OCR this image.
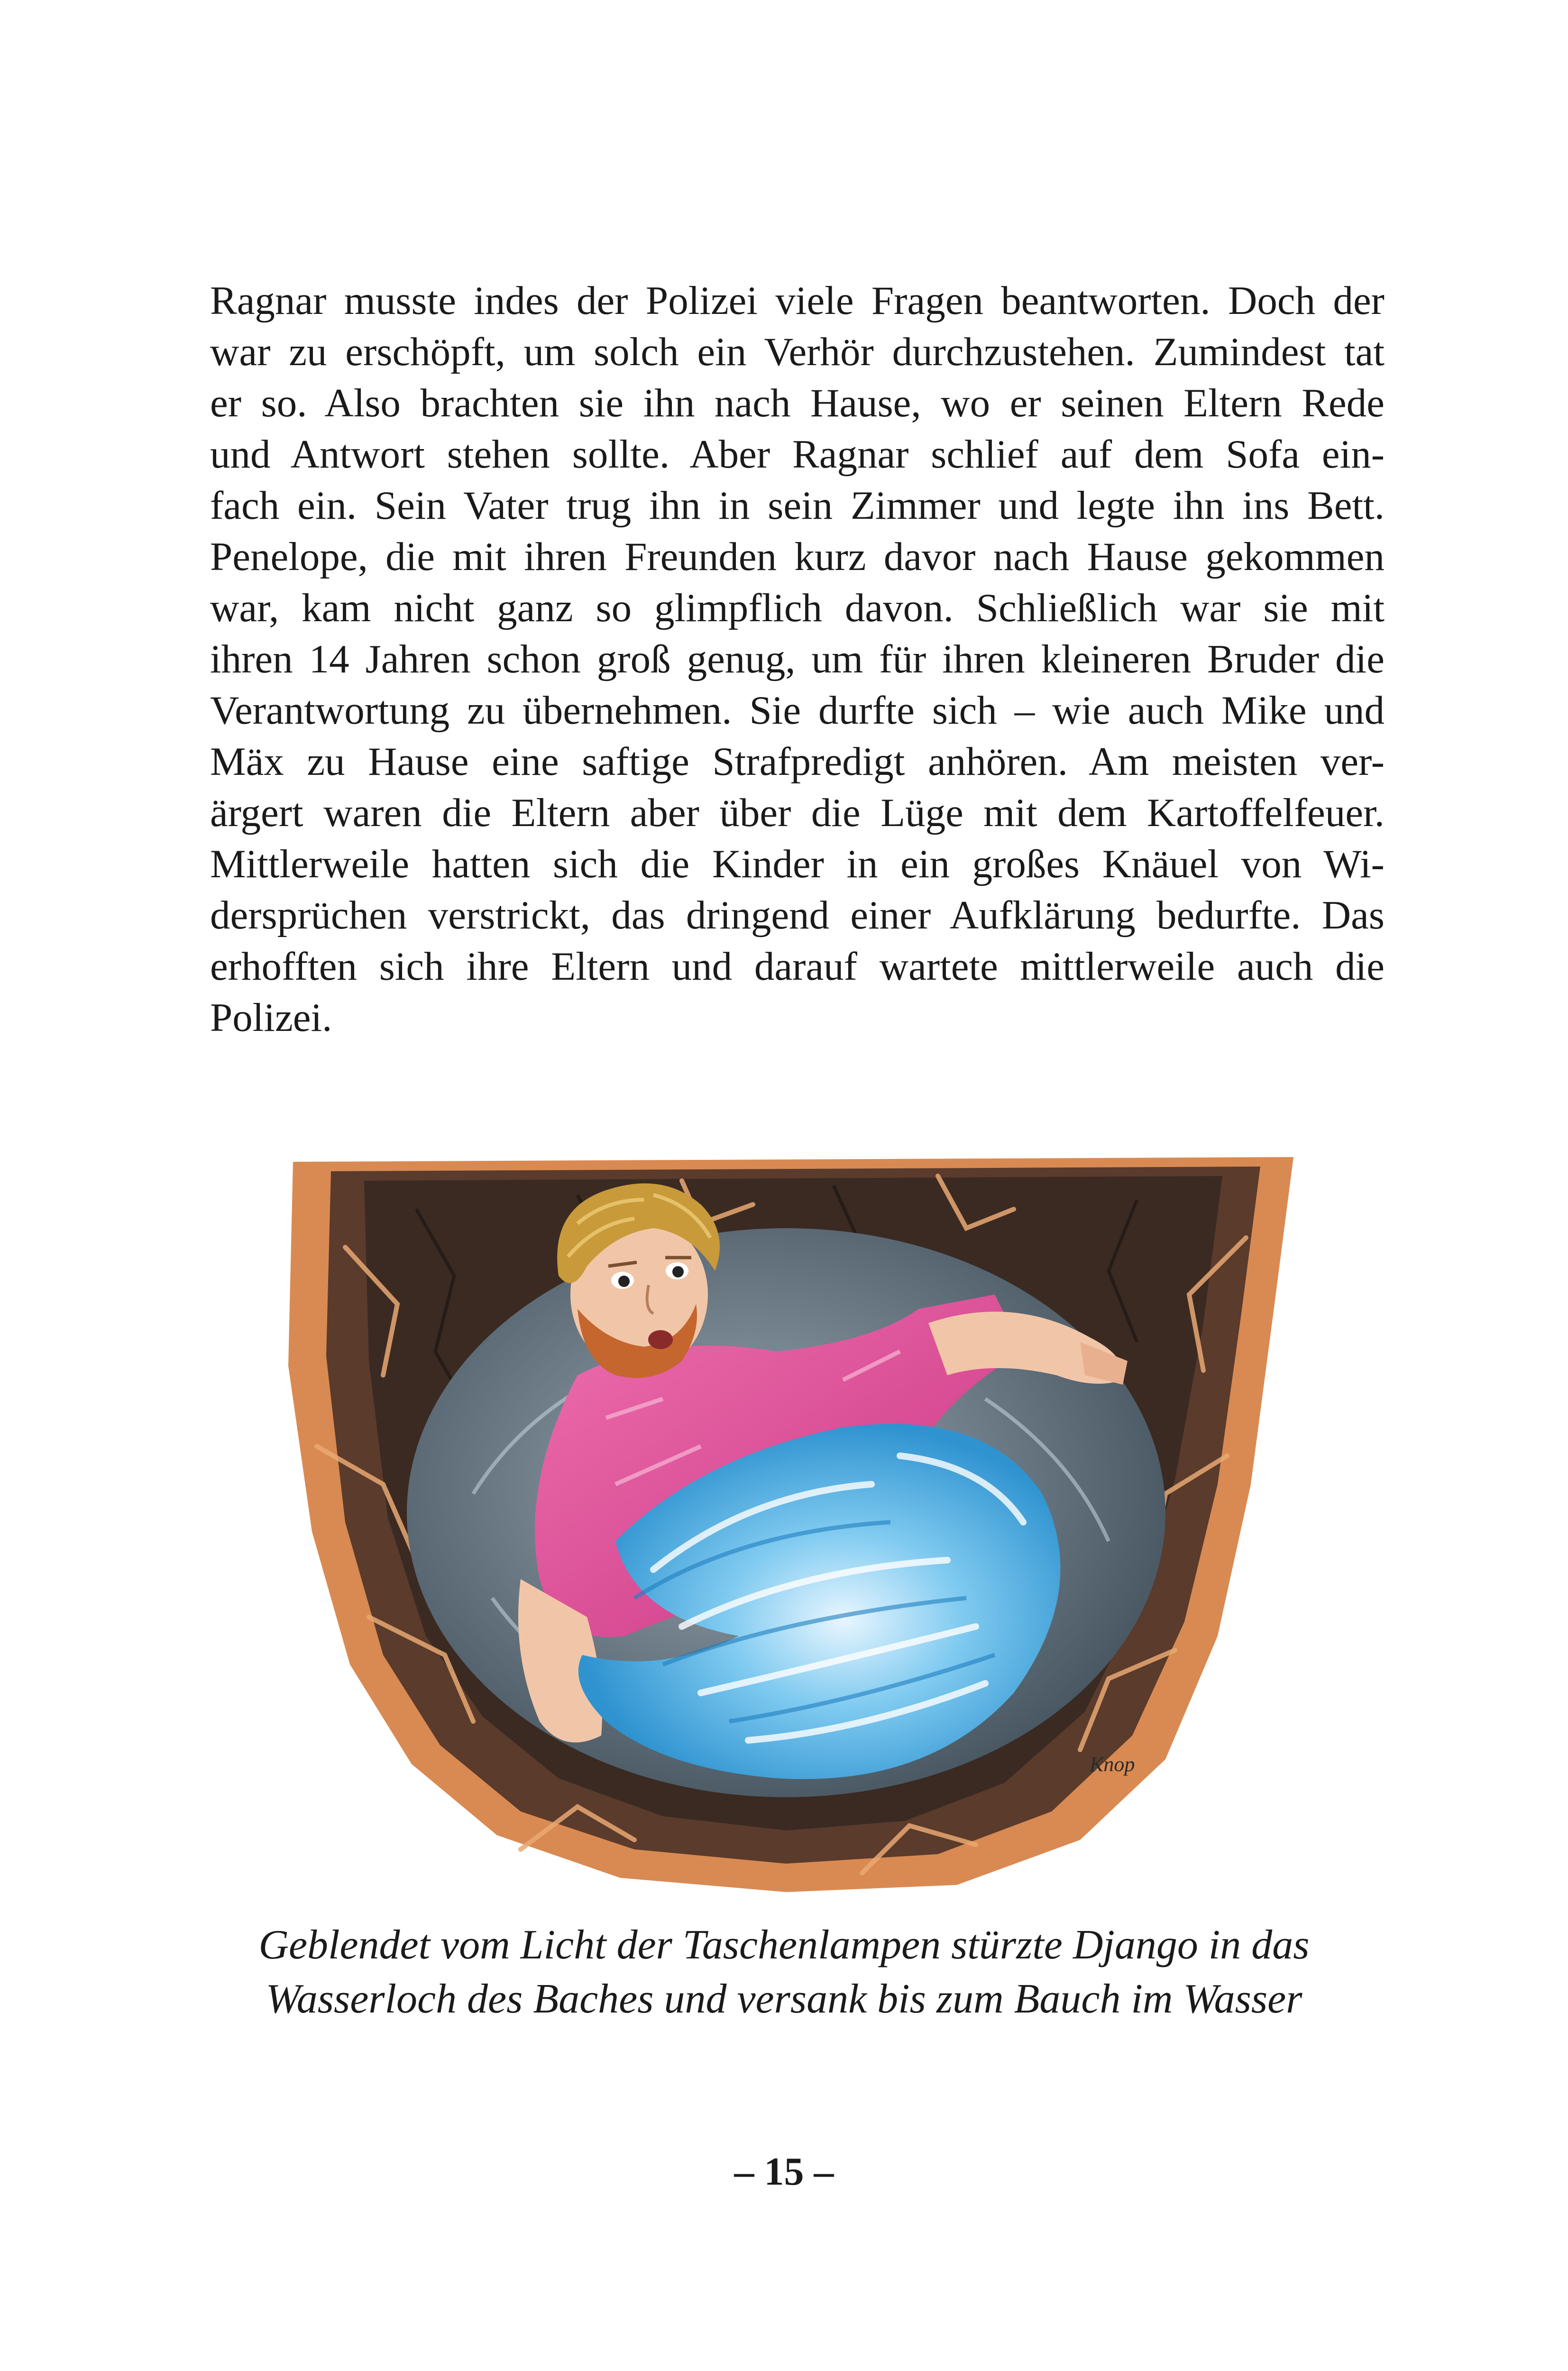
Ragnar musste indes der Polizei viele Fragen beantworten. Doch der
war zu erschöpft, um solch ein Verhör durchzustehen. Zumindest tat
er so. Also brachten sie ihn nach Hause, wo er seinen Eltern Rede
und Antwort stehen sollte. Aber Ragnar schlief auf dem Sofa ein-
fach ein. Sein Vater trug ihn in sein Zimmer und legte ihn ins Bett.
Penelope, die mit ihren Freunden kurz davor nach Hause gekommen
war, kam nicht ganz so glimpflich davon. Schließlich war sie mit
ihren 14 Jahren schon groß genug, um für ihren kleineren Bruder die
Verantwortung zu übernehmen. Sie durfte sich – wie auch Mike und
Mäx zu Hause eine saftige Strafpredigt anhören. Am meisten ver-
ärgert waren die Eltern aber über die Lüge mit dem Kartoffelfeuer.
Mittlerweile hatten sich die Kinder in ein großes Knäuel von Wi-
dersprüchen verstrickt, das dringend einer Aufklärung bedurfte. Das
erhofften sich ihre Eltern und darauf wartete mittlerweile auch die
Polizei.
Knop
Geblendet vom Licht der Taschenlampen stürzte Django in das
Wasserloch des Baches und versank bis zum Bauch im Wasser
– 15 –
